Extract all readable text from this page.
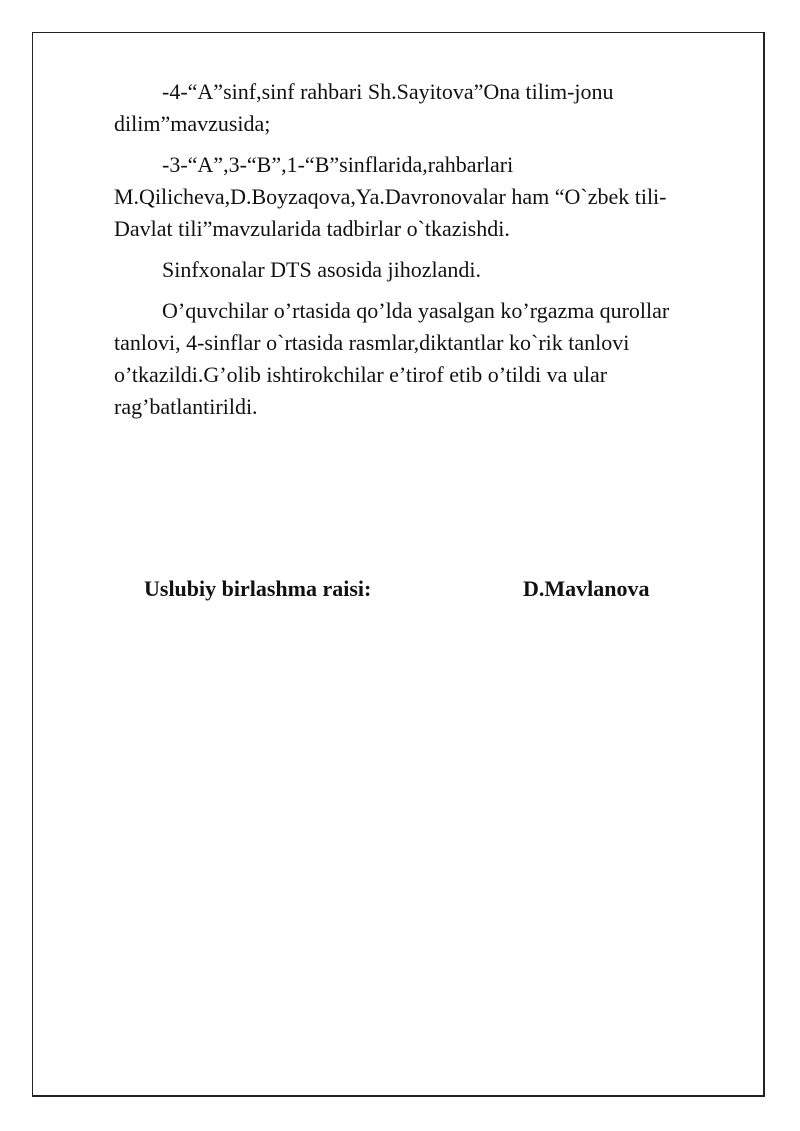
-4-“A”sinf,sinf rahbari Sh.Sayitova”Ona tilim-jonu
dilim”mavzusida;

-3-“A”,3-“B”,1-“B”sinflarida,rahbarlari
M.Qilicheva,D.Boyzaqova,Ya.Davronovalar ham “O`zbek tili-
Davlat tili”mavzularida tadbirlar o`tkazishdi.

Sinfxonalar DTS asosida jihozlandi.

O’quvchilar o’rtasida qo’lda yasalgan ko’rgazma qurollar
tanlovi, 4-sinflar o`rtasida rasmlar,diktantlar ko`rik tanlovi
o’tkazildi.G’olib ishtirokchilar e’tirof etib o’tildi va ular
rag’batlantirildi.

Uslubiy birlashma raisi:	D.Mavlanova
